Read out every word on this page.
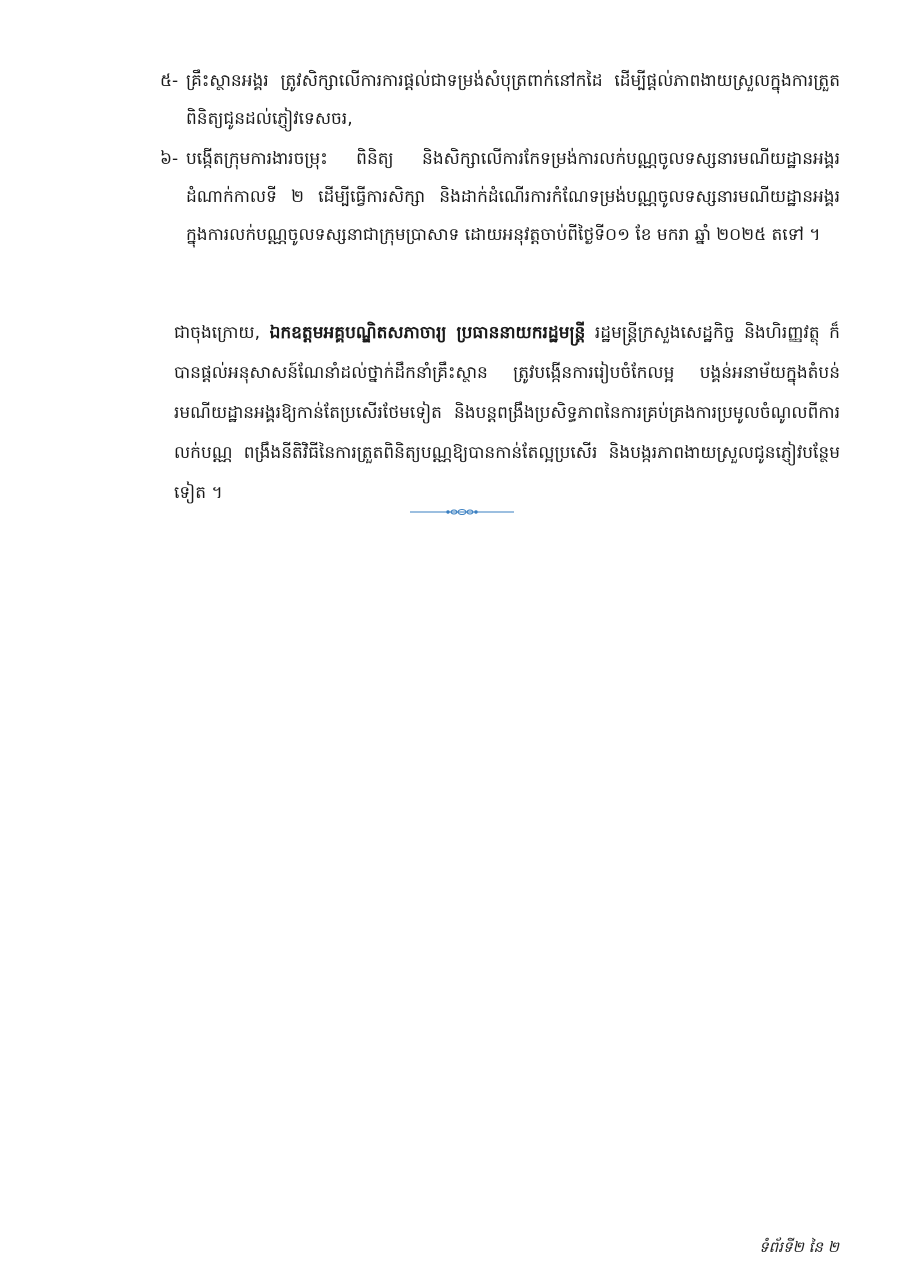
៥- គ្រឹះស្ថានអង្គរ ត្រូវសិក្សាលើការការផ្តល់ជាទម្រង់សំបុត្រពាក់នៅកដៃ ដើម្បីផ្តល់ភាពងាយស្រួលក្នុងការត្រួតពិនិត្យជូនដល់ភ្ញៀវទេសចរ,
៦- បង្កើតក្រុមការងារចម្រុះ ពិនិត្យ និងសិក្សាលើការកែទម្រង់ការលក់បណ្ណចូលទស្សនារមណីយដ្ឋានអង្គរ ដំណាក់កាលទី ២ ដើម្បីធ្វើការសិក្សា និងដាក់ដំណើរការកំណែទម្រង់បណ្ណចូលទស្សនារមណីយដ្ឋានអង្គរ ក្នុងការលក់បណ្ណចូលទស្សនាជាក្រុមប្រាសាទ ដោយអនុវត្តចាប់ពីថ្ងៃទី០១ ខែ មករា ឆ្នាំ ២០២៥ តទៅ ។

ជាចុងក្រោយ, ឯកឧត្តមអគ្គបណ្ឌិតសភាចារ្យ ប្រធាននាយករដ្ឋមន្ត្រី រដ្ឋមន្ត្រីក្រសួងសេដ្ឋកិច្ច និងហិរញ្ញវត្ថុ ក៏បានផ្តល់អនុសាសន៍ណែនាំដល់ថ្នាក់ដឹកនាំគ្រឹះស្ថាន ត្រូវបង្កើនការរៀបចំកែលម្អ បង្គន់អនាម័យក្នុងតំបន់រមណីយដ្ឋានអង្គរឱ្យកាន់តែប្រសើរថែមទៀត និងបន្តពង្រឹងប្រសិទ្ធភាពនៃការគ្រប់គ្រងការប្រមូលចំណូលពីការលក់បណ្ណ ពង្រឹងនីតិវិធីនៃការត្រួតពិនិត្យបណ្ណឱ្យបានកាន់តែល្អប្រសើរ និងបង្ករភាពងាយស្រួលជូនភ្ញៀវបន្ថែមទៀត ។

ទំព័រទី២ នៃ ២
